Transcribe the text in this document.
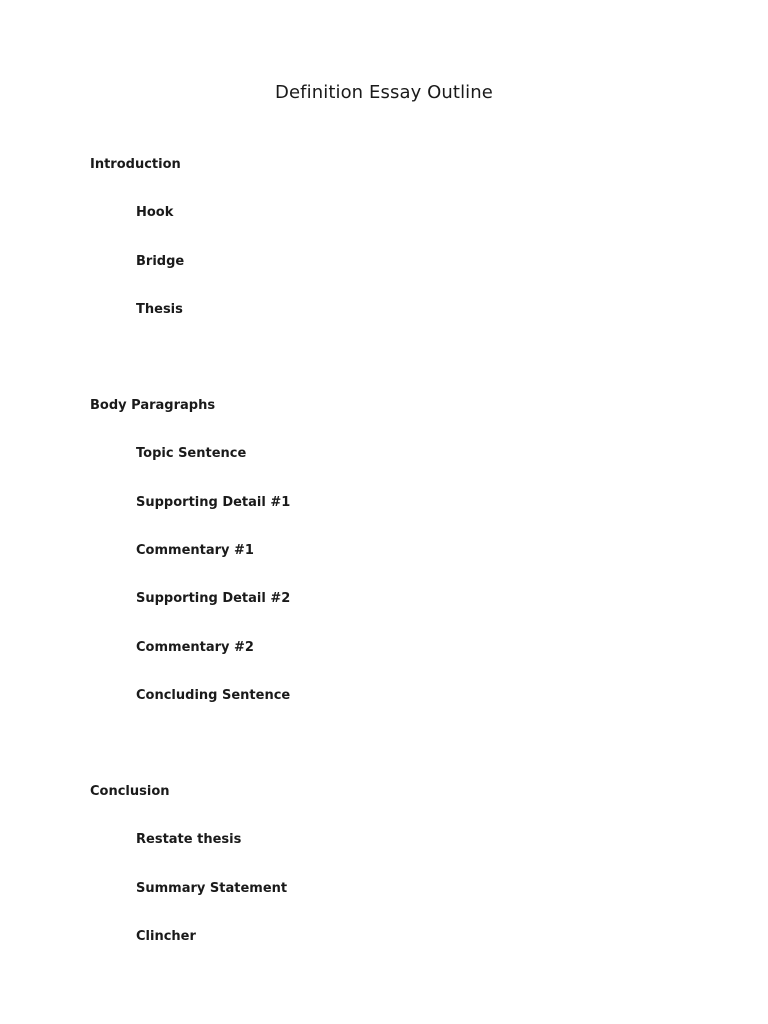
Definition Essay Outline

Introduction

Hook

Bridge

Thesis

Body Paragraphs

Topic Sentence

Supporting Detail #1

Commentary #1

Supporting Detail #2

Commentary #2

Concluding Sentence

Conclusion

Restate thesis

Summary Statement

Clincher
